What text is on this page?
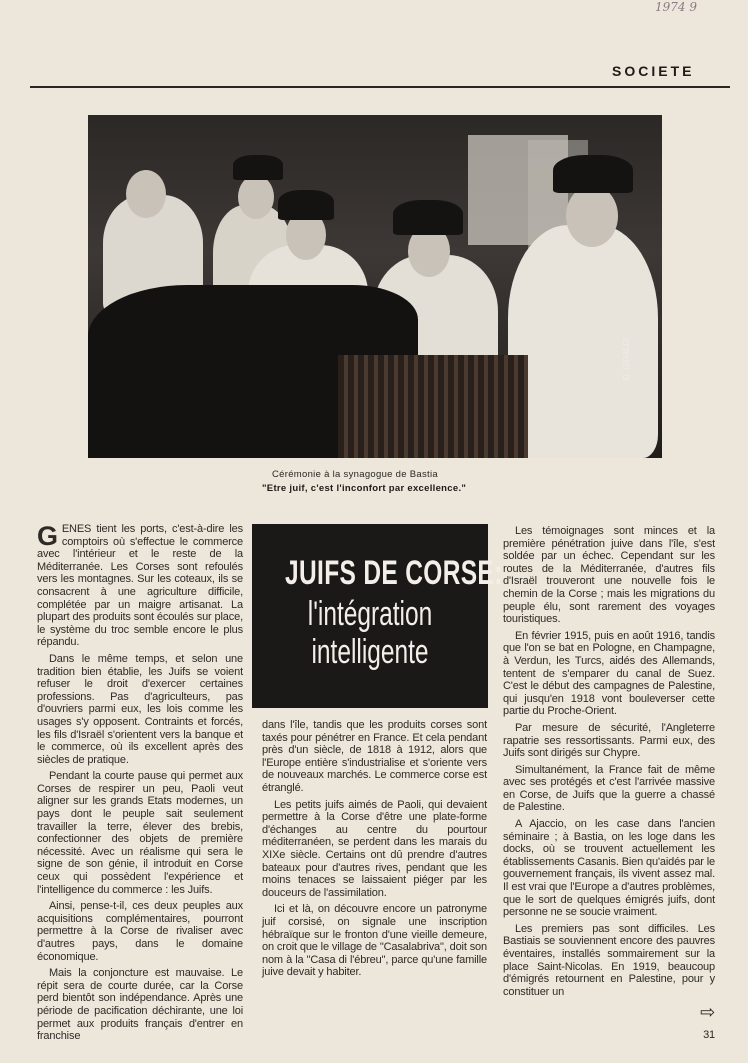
1974 9
SOCIETE
D. GIRALDI
Cérémonie à la synagogue de Bastia
"Etre juif, c'est l'inconfort par excellence."
JUIFS DE CORSE:
l'intégration
intelligente

GENES tient les ports, c'est-à-dire les comptoirs où s'effectue le commerce avec l'intérieur et le reste de la Méditerranée. Les Corses sont refoulés vers les montagnes. Sur les coteaux, ils se consacrent à une agriculture difficile, complétée par un maigre artisanat. La plupart des produits sont écoulés sur place, le système du troc semble encore le plus répandu.

Dans le même temps, et selon une tradition bien établie, les Juifs se voient refuser le droit d'exercer certaines professions. Pas d'agriculteurs, pas d'ouvriers parmi eux, les lois comme les usages s'y opposent. Contraints et forcés, les fils d'Israël s'orientent vers la banque et le commerce, où ils excellent après des siècles de pratique.

Pendant la courte pause qui permet aux Corses de respirer un peu, Paoli veut aligner sur les grands Etats modernes, un pays dont le peuple sait seulement travailler la terre, élever des brebis, confectionner des objets de première nécessité. Avec un réalisme qui sera le signe de son génie, il introduit en Corse ceux qui possèdent l'expérience et l'intelligence du commerce : les Juifs.

Ainsi, pense-t-il, ces deux peuples aux acquisitions complémentaires, pourront permettre à la Corse de rivaliser avec d'autres pays, dans le domaine économique.

Mais la conjoncture est mauvaise. Le répit sera de courte durée, car la Corse perd bientôt son indépendance. Après une période de pacification déchirante, une loi permet aux produits français d'entrer en franchise

dans l'île, tandis que les produits corses sont taxés pour pénétrer en France. Et cela pendant près d'un siècle, de 1818 à 1912, alors que l'Europe entière s'industrialise et s'oriente vers de nouveaux marchés. Le commerce corse est étranglé.

Les petits juifs aimés de Paoli, qui devaient permettre à la Corse d'être une plate-forme d'échanges au centre du pourtour méditerranéen, se perdent dans les marais du XIXe siècle. Certains ont dû prendre d'autres bateaux pour d'autres rives, pendant que les moins tenaces se laissaient piéger par les douceurs de l'assimilation.

Ici et là, on découvre encore un patronyme juif corsisé, on signale une inscription hébraïque sur le fronton d'une vieille demeure, on croit que le village de "Casalabriva", doit son nom à la "Casa di l'ébreu", parce qu'une famille juive devait y habiter.

Les témoignages sont minces et la première pénétration juive dans l'île, s'est soldée par un échec. Cependant sur les routes de la Méditerranée, d'autres fils d'Israël trouveront une nouvelle fois le chemin de la Corse ; mais les migrations du peuple élu, sont rarement des voyages touristiques.

En février 1915, puis en août 1916, tandis que l'on se bat en Pologne, en Champagne, à Verdun, les Turcs, aidés des Allemands, tentent de s'emparer du canal de Suez. C'est le début des campagnes de Palestine, qui jusqu'en 1918 vont bouleverser cette partie du Proche-Orient.

Par mesure de sécurité, l'Angleterre rapatrie ses ressortissants. Parmi eux, des Juifs sont dirigés sur Chypre.

Simultanément, la France fait de même avec ses protégés et c'est l'arrivée massive en Corse, de Juifs que la guerre a chassé de Palestine.

A Ajaccio, on les case dans l'ancien séminaire ; à Bastia, on les loge dans les docks, où se trouvent actuellement les établissements Casanis. Bien qu'aidés par le gouvernement français, ils vivent assez mal. Il est vrai que l'Europe a d'autres problèmes, que le sort de quelques émigrés juifs, dont personne ne se soucie vraiment.

Les premiers pas sont difficiles. Les Bastiais se souviennent encore des pauvres éventaires, installés sommairement sur la place Saint-Nicolas. En 1919, beaucoup d'émigrés retournent en Palestine, pour y constituer un

⇨
31
